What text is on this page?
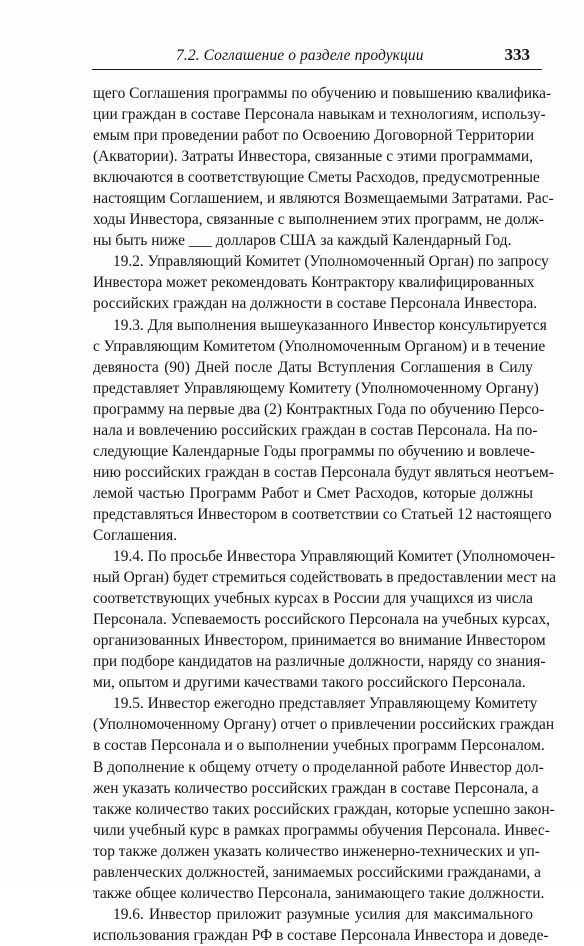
7.2. Соглашение о разделе продукции	333
щего Соглашения программы по обучению и повышению квалифика-
ции граждан в составе Персонала навыкам и технологиям, использу-
емым при проведении работ по Освоению Договорной Территории
(Акватории). Затраты Инвестора, связанные с этими программами,
включаются в соответствующие Сметы Расходов, предусмотренные
настоящим Соглашением, и являются Возмещаемыми Затратами. Рас-
ходы Инвестора, связанные с выполнением этих программ, не долж-
ны быть ниже ___ долларов США за каждый Календарный Год.
19.2. Управляющий Комитет (Уполномоченный Орган) по запросу
Инвестора может рекомендовать Контрактору квалифицированных
российских граждан на должности в составе Персонала Инвестора.
19.3. Для выполнения вышеуказанного Инвестор консультируется
с Управляющим Комитетом (Уполномоченным Органом) и в течение
девяноста (90) Дней после Даты Вступления Соглашения в Силу
представляет Управляющему Комитету (Уполномоченному Органу)
программу на первые два (2) Контрактных Года по обучению Персо-
нала и вовлечению российских граждан в состав Персонала. На по-
следующие Календарные Годы программы по обучению и вовлече-
нию российских граждан в состав Персонала будут являться неотъем-
лемой частью Программ Работ и Смет Расходов, которые должны
представляться Инвестором в соответствии со Статьей 12 настоящего
Соглашения.
19.4. По просьбе Инвестора Управляющий Комитет (Уполномочен-
ный Орган) будет стремиться содействовать в предоставлении мест на
соответствующих учебных курсах в России для учащихся из числа
Персонала. Успеваемость российского Персонала на учебных курсах,
организованных Инвестором, принимается во внимание Инвестором
при подборе кандидатов на различные должности, наряду со знания-
ми, опытом и другими качествами такого российского Персонала.
19.5. Инвестор ежегодно представляет Управляющему Комитету
(Уполномоченному Органу) отчет о привлечении российских граждан
в состав Персонала и о выполнении учебных программ Персоналом.
В дополнение к общему отчету о проделанной работе Инвестор дол-
жен указать количество российских граждан в составе Персонала, а
также количество таких российских граждан, которые успешно закон-
чили учебный курс в рамках программы обучения Персонала. Инвес-
тор также должен указать количество инженерно-технических и уп-
равленческих должностей, занимаемых российскими гражданами, а
также общее количество Персонала, занимающего такие должности.
19.6. Инвестор приложит разумные усилия для максимального
использования граждан РФ в составе Персонала Инвестора и доведе-
